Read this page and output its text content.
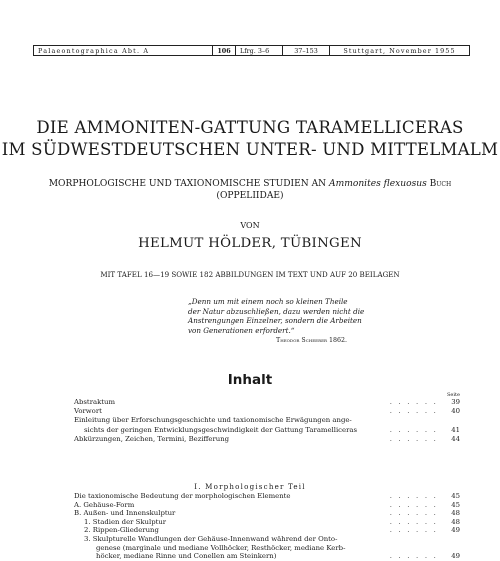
Palaeontographica Abt. A	106	Lfrg. 3–6	37–153	Stuttgart, November 1955
DIE AMMONITEN-GATTUNG TARAMELLICERAS
IM SÜDWESTDEUTSCHEN UNTER- UND MITTELMALM
MORPHOLOGISCHE UND TAXIONOMISCHE STUDIEN AN Ammonites flexuosus Buch
(OPPELIIDAE)
VON
HELMUT HÖLDER, TÜBINGEN
MIT TAFEL 16—19 SOWIE 182 ABBILDUNGEN IM TEXT UND AUF 20 BEILAGEN
„Denn um mit einem noch so kleinen Theile
der Natur abzuschließen, dazu werden nicht die
Anstrengungen Einzelner, sondern die Arbeiten
von Generationen erfordert.“
Theodor Scheerer 1862.
Inhalt
Seite
Abstraktum	. . . . . .	39
Vorwort	. . . . . .	40
Einleitung über Erforschungsgeschichte und taxionomische Erwägungen ange-
sichts der geringen Entwicklungsgeschwindigkeit der Gattung Taramelliceras	. . . . . .	41
Abkürzungen, Zeichen, Termini, Bezifferung	. . . . . .	44
I. Morphologischer Teil
Die taxionomische Bedeutung der morphologischen Elemente	. . . . . .	45
A. Gehäuse-Form	. . . . . .	45
B. Außen- und Innenskulptur	. . . . . .	48
1. Stadien der Skulptur	. . . . . .	48
2. Rippen-Gliederung	. . . . . .	49
3. Skulpturelle Wandlungen der Gehäuse-Innenwand während der Onto-
genese (marginale und mediane Vollhöcker, Resthöcker, mediane Kerb-
höcker, mediane Rinne und Conellen am Steinkern)	. . . . . .	49
